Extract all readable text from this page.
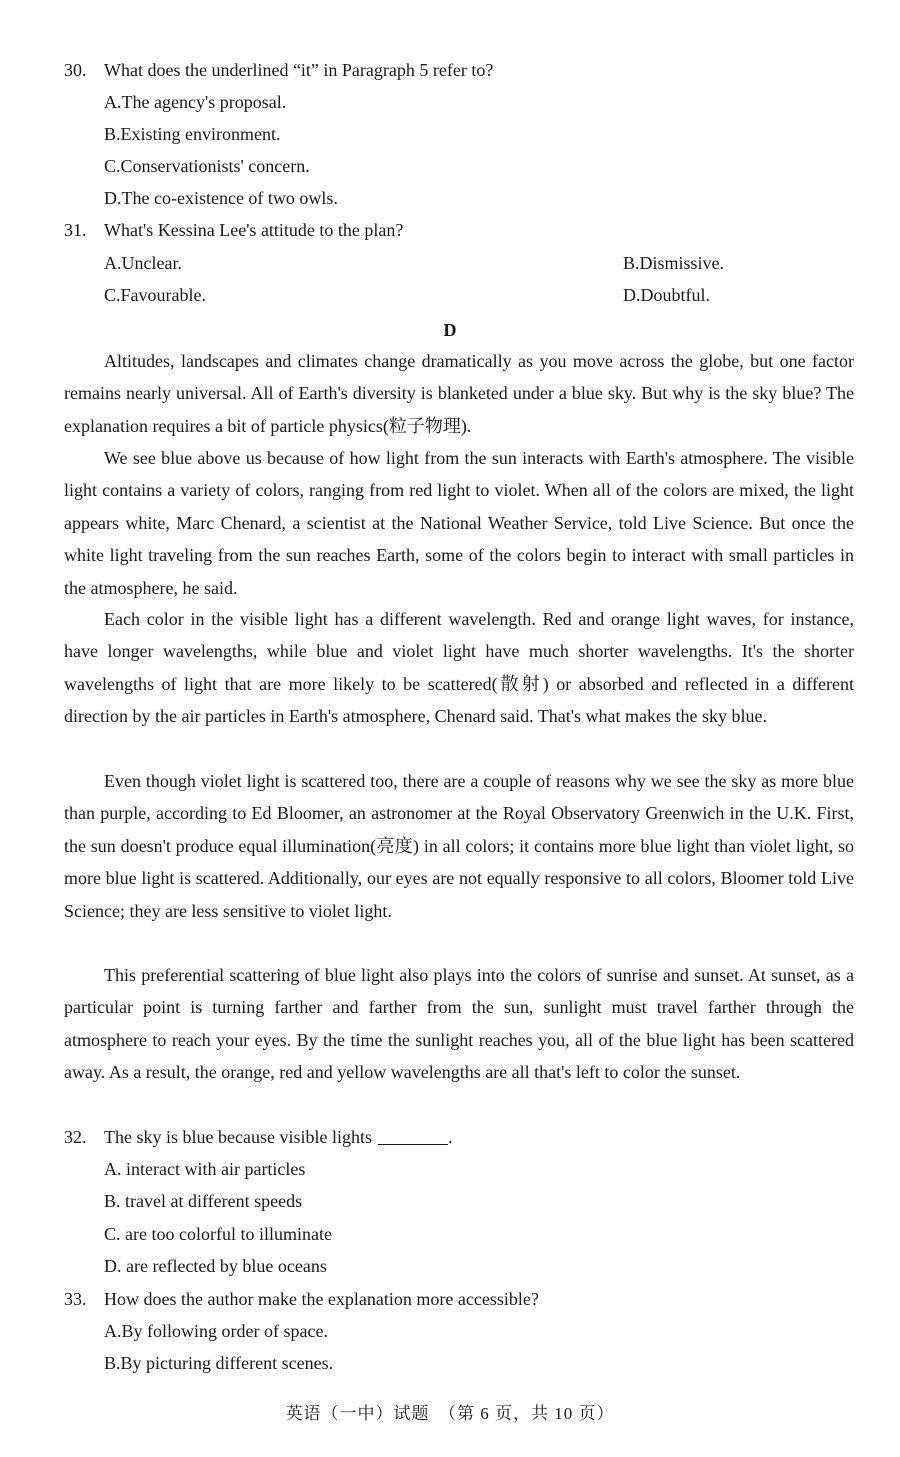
30. What does the underlined “it” in Paragraph 5 refer to?
A.The agency's proposal.
B.Existing environment.
C.Conservationists' concern.
D.The co-existence of two owls.
31. What's Kessina Lee's attitude to the plan?
A.Unclear.	B.Dismissive.
C.Favourable.	D.Doubtful.
D
Altitudes, landscapes and climates change dramatically as you move across the globe, but one factor remains nearly universal. All of Earth's diversity is blanketed under a blue sky. But why is the sky blue? The explanation requires a bit of particle physics(粒子物理).
We see blue above us because of how light from the sun interacts with Earth's atmosphere. The visible light contains a variety of colors, ranging from red light to violet. When all of the colors are mixed, the light appears white, Marc Chenard, a scientist at the National Weather Service, told Live Science. But once the white light traveling from the sun reaches Earth, some of the colors begin to interact with small particles in the atmosphere, he said.
Each color in the visible light has a different wavelength. Red and orange light waves, for instance, have longer wavelengths, while blue and violet light have much shorter wavelengths. It's the shorter wavelengths of light that are more likely to be scattered(散射) or absorbed and reflected in a different direction by the air particles in Earth's atmosphere, Chenard said. That's what makes the sky blue.
Even though violet light is scattered too, there are a couple of reasons why we see the sky as more blue than purple, according to Ed Bloomer, an astronomer at the Royal Observatory Greenwich in the U.K. First, the sun doesn't produce equal illumination(亮度) in all colors; it contains more blue light than violet light, so more blue light is scattered. Additionally, our eyes are not equally responsive to all colors, Bloomer told Live Science; they are less sensitive to violet light.
This preferential scattering of blue light also plays into the colors of sunrise and sunset. At sunset, as a particular point is turning farther and farther from the sun, sunlight must travel farther through the atmosphere to reach your eyes. By the time the sunlight reaches you, all of the blue light has been scattered away. As a result, the orange, red and yellow wavelengths are all that's left to color the sunset.
32. The sky is blue because visible lights	.
A. interact with air particles
B. travel at different speeds
C. are too colorful to illuminate
D. are reflected by blue oceans
33. How does the author make the explanation more accessible?
A.By following order of space.
B.By picturing different scenes.
英语（一中）试题　（第 6 页，共 10 页）
